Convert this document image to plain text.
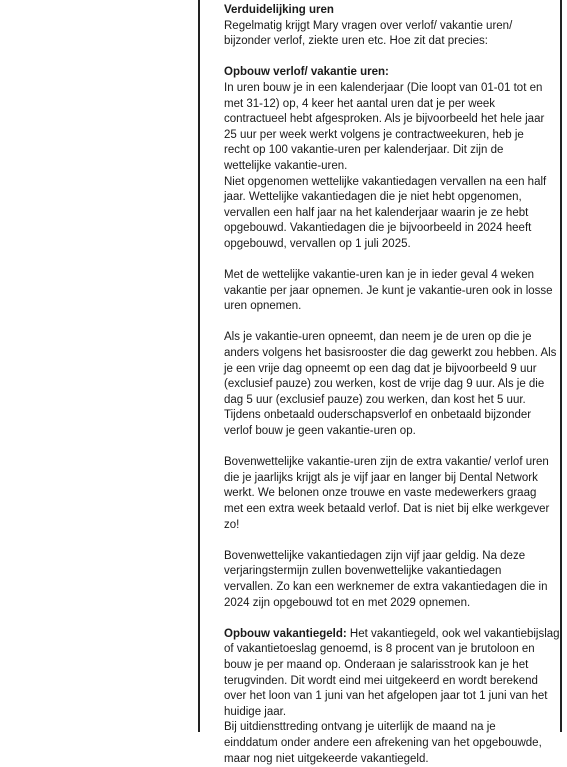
Verduidelijking uren
Regelmatig krijgt Mary vragen over verlof/ vakantie uren/
bijzonder verlof, ziekte uren etc. Hoe zit dat precies:
Opbouw verlof/ vakantie uren:
In uren bouw je in een kalenderjaar (Die loopt van 01-01 tot en
met 31-12) op, 4 keer het aantal uren dat je per week
contractueel hebt afgesproken. Als je bijvoorbeeld het hele jaar
25 uur per week werkt volgens je contractweekuren, heb je
recht op 100 vakantie-uren per kalenderjaar. Dit zijn de
wettelijke vakantie-uren.
Niet opgenomen wettelijke vakantiedagen vervallen na een half
jaar. Wettelijke vakantiedagen die je niet hebt opgenomen,
vervallen een half jaar na het kalenderjaar waarin je ze hebt
opgebouwd. Vakantiedagen die je bijvoorbeeld in 2024 heeft
opgebouwd, vervallen op 1 juli 2025.
Met de wettelijke vakantie-uren kan je in ieder geval 4 weken
vakantie per jaar opnemen. Je kunt je vakantie-uren ook in losse
uren opnemen.
Als je vakantie-uren opneemt, dan neem je de uren op die je
anders volgens het basisrooster die dag gewerkt zou hebben. Als
je een vrije dag opneemt op een dag dat je bijvoorbeeld 9 uur
(exclusief pauze) zou werken, kost de vrije dag 9 uur. Als je die
dag 5 uur (exclusief pauze) zou werken, dan kost het 5 uur.
Tijdens onbetaald ouderschapsverlof en onbetaald bijzonder
verlof bouw je geen vakantie-uren op.
Bovenwettelijke vakantie-uren zijn de extra vakantie/ verlof uren
die je jaarlijks krijgt als je vijf jaar en langer bij Dental Network
werkt. We belonen onze trouwe en vaste medewerkers graag
met een extra week betaald verlof. Dat is niet bij elke werkgever
zo!
Bovenwettelijke vakantiedagen zijn vijf jaar geldig. Na deze
verjaringstermijn zullen bovenwettelijke vakantiedagen
vervallen. Zo kan een werknemer de extra vakantiedagen die in
2024 zijn opgebouwd tot en met 2029 opnemen.
Opbouw vakantiegeld: Het vakantiegeld, ook wel vakantiebijslag
of vakantietoeslag genoemd, is 8 procent van je brutoloon en
bouw je per maand op. Onderaan je salarisstrook kan je het
terugvinden. Dit wordt eind mei uitgekeerd en wordt berekend
over het loon van 1 juni van het afgelopen jaar tot 1 juni van het
huidige jaar.
Bij uitdiensttreding ontvang je uiterlijk de maand na je
einddatum onder andere een afrekening van het opgebouwde,
maar nog niet uitgekeerde vakantiegeld.
